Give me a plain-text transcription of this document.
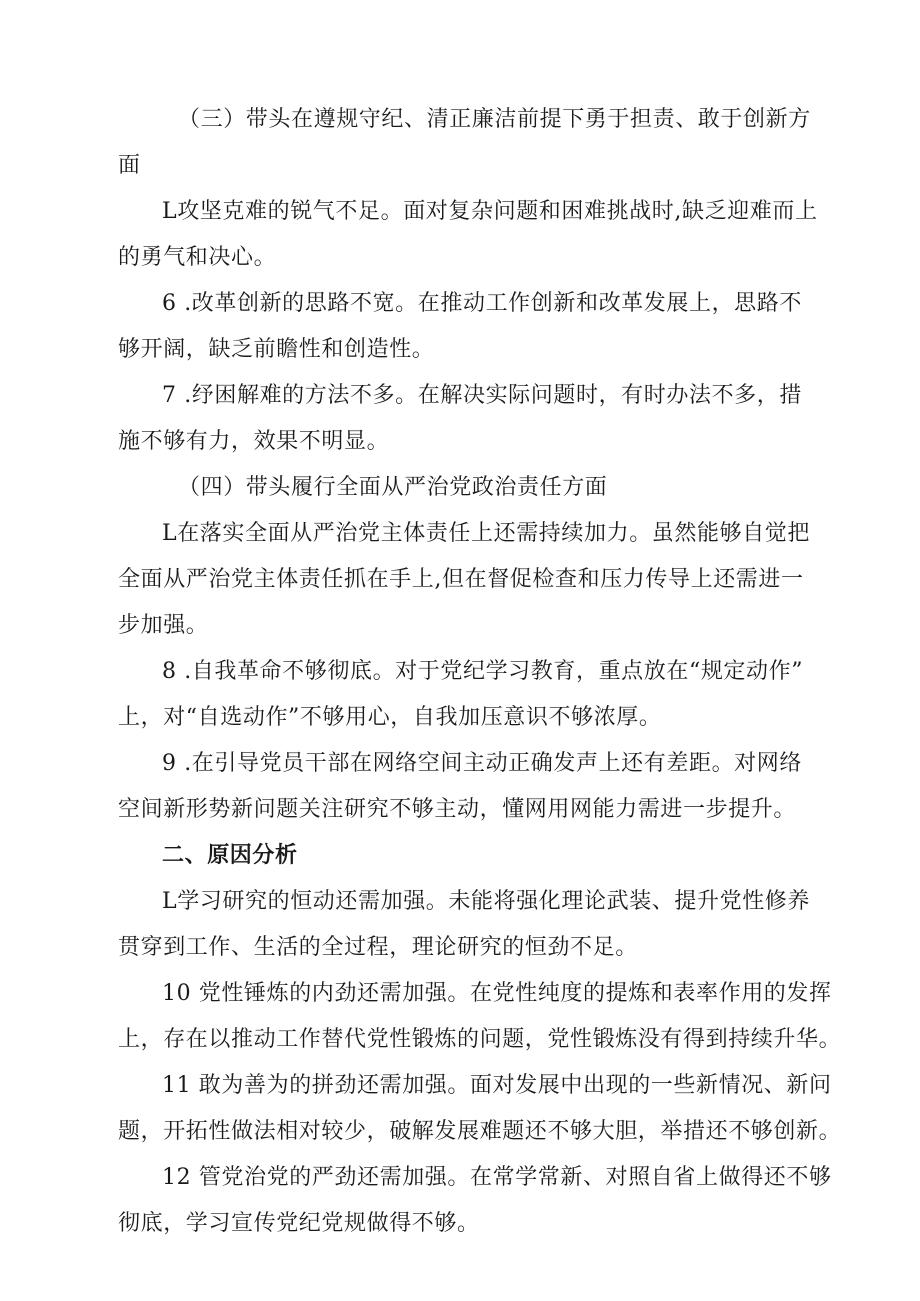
（三）带头在遵规守纪、清正廉洁前提下勇于担责、敢于创新方
面
L攻坚克难的锐气不足。面对复杂问题和困难挑战时,缺乏迎难而上
的勇气和决心。
6 .改革创新的思路不宽。在推动工作创新和改革发展上，思路不
够开阔，缺乏前瞻性和创造性。
7 .纾困解难的方法不多。在解决实际问题时，有时办法不多，措
施不够有力，效果不明显。
（四）带头履行全面从严治党政治责任方面
L在落实全面从严治党主体责任上还需持续加力。虽然能够自觉把
全面从严治党主体责任抓在手上,但在督促检查和压力传导上还需进一
步加强。
8 .自我革命不够彻底。对于党纪学习教育，重点放在“规定动作”
上，对“自选动作”不够用心，自我加压意识不够浓厚。
9 .在引导党员干部在网络空间主动正确发声上还有差距。对网络
空间新形势新问题关注研究不够主动，懂网用网能力需进一步提升。
二、原因分析
L学习研究的恒动还需加强。未能将强化理论武装、提升党性修养
贯穿到工作、生活的全过程，理论研究的恒劲不足。
10 党性锤炼的内劲还需加强。在党性纯度的提炼和表率作用的发挥
上，存在以推动工作替代党性锻炼的问题，党性锻炼没有得到持续升华。
11 敢为善为的拼劲还需加强。面对发展中出现的一些新情况、新问
题，开拓性做法相对较少，破解发展难题还不够大胆，举措还不够创新。
12 管党治党的严劲还需加强。在常学常新、对照自省上做得还不够
彻底，学习宣传党纪党规做得不够。
